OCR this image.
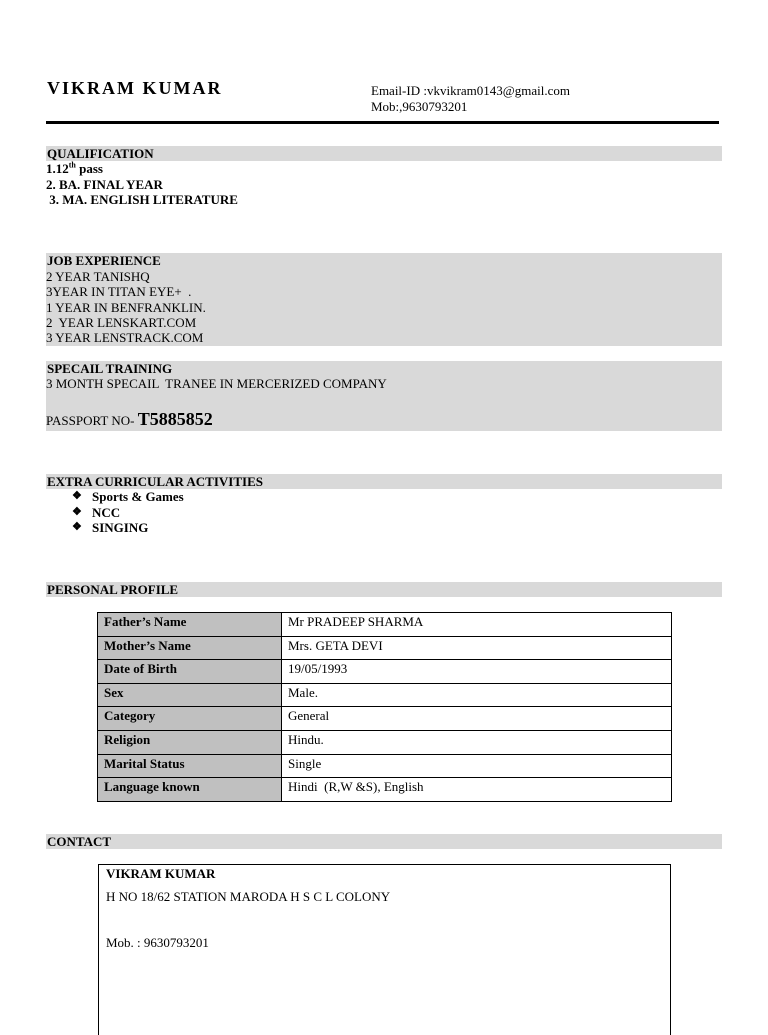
VIKRAM KUMAR	Email-ID :vkvikram0143@gmail.com
Mob:,9630793201
QUALIFICATION
1.12th pass
2. BA. FINAL YEAR
3. MA. ENGLISH LITERATURE
JOB EXPERIENCE
2 YEAR TANISHQ
3YEAR IN TITAN EYE+  .
1 YEAR IN BENFRANKLIN.
2  YEAR LENSKART.COM
3 YEAR LENSTRACK.COM
SPECAIL TRAINING
3 MONTH SPECAIL  TRANEE IN MERCERIZED COMPANY
PASSPORT NO- T5885852
EXTRA CURRICULAR ACTIVITIES
❖ Sports & Games
❖ NCC
❖ SINGING
PERSONAL PROFILE
Father’s Name	Mr PRADEEP SHARMA
Mother’s Name	Mrs. GETA DEVI
Date of Birth	19/05/1993
Sex	Male.
Category	General
Religion	Hindu.
Marital Status	Single
Language known	Hindi  (R,W &S), English
CONTACT
VIKRAM KUMAR
H NO 18/62 STATION MARODA H S C L COLONY
Mob. : 9630793201
